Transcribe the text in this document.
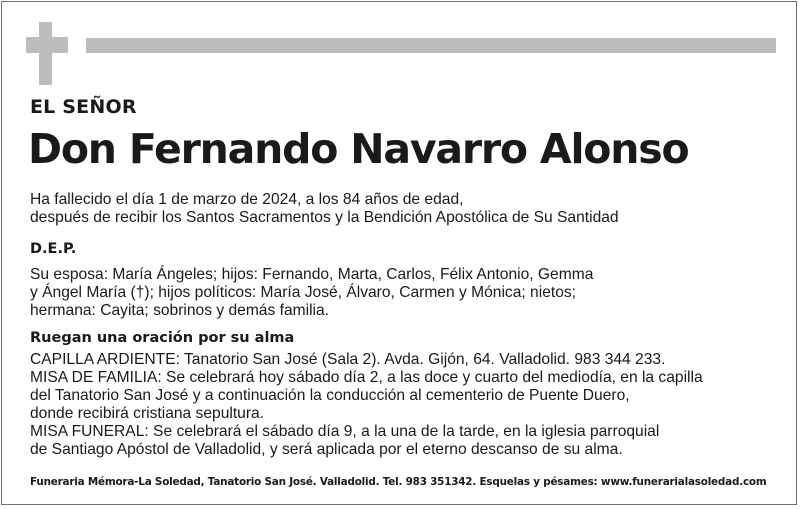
EL SEÑOR
Don Fernando Navarro Alonso
Ha fallecido el día 1 de marzo de 2024, a los 84 años de edad,
después de recibir los Santos Sacramentos y la Bendición Apostólica de Su Santidad
D.E.P.
Su esposa: María Ángeles; hijos: Fernando, Marta, Carlos, Félix Antonio, Gemma
y Ángel María (†); hijos políticos: María José, Álvaro, Carmen y Mónica; nietos;
hermana: Cayita; sobrinos y demás familia.
Ruegan una oración por su alma
CAPILLA ARDIENTE: Tanatorio San José (Sala 2). Avda. Gijón, 64. Valladolid. 983 344 233.
MISA DE FAMILIA: Se celebrará hoy sábado día 2, a las doce y cuarto del mediodía, en la capilla
del Tanatorio San José y a continuación la conducción al cementerio de Puente Duero,
donde recibirá cristiana sepultura.
MISA FUNERAL: Se celebrará el sábado día 9, a la una de la tarde, en la iglesia parroquial
de Santiago Apóstol de Valladolid, y será aplicada por el eterno descanso de su alma.
Funeraria Mémora-La Soledad, Tanatorio San José. Valladolid. Tel. 983 351342. Esquelas y pésames: www.funerarialasoledad.com
